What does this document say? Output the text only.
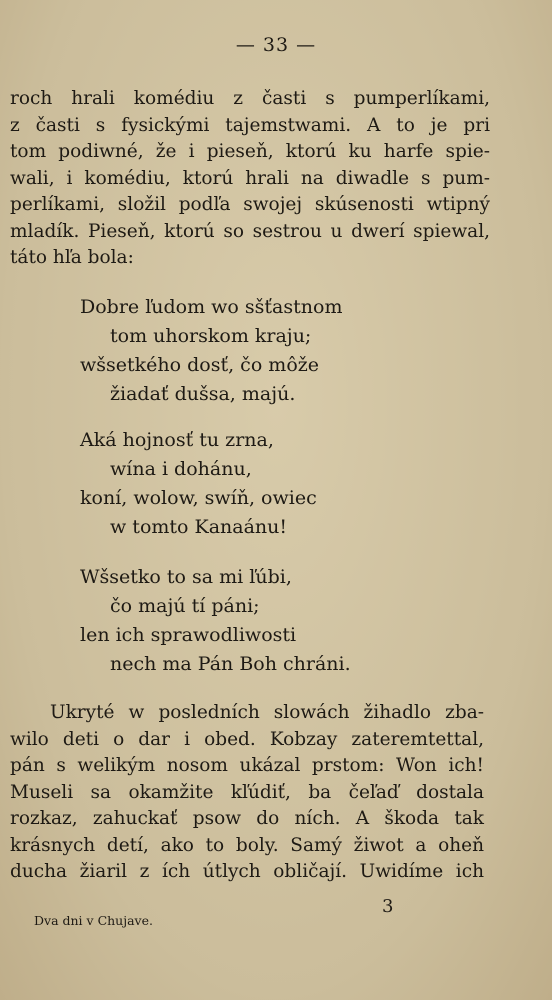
— 33 —
roch hrali komédiu z časti s pumperlíkami,
z časti s fysickými tajemstwami. A to je pri
tom podiwné, že i pieseň, ktorú ku harfe spie-
wali, i komédiu, ktorú hrali na diwadle s pum-
perlíkami, složil podľa swojej skúsenosti wtipný
mladík. Pieseň, ktorú so sestrou u dwerí spiewal,
táto hľa bola:
Dobre ľudom wo sšťastnom
tom uhorskom kraju;
wšsetkého dosť, čo môže
žiadať dušsa, majú.
Aká hojnosť tu zrna,
wína i dohánu,
koní, wolow, swíň, owiec
w tomto Kanaánu!
Wšsetko to sa mi ľúbi,
čo majú tí páni;
len ich sprawodliwosti
nech ma Pán Boh chráni.
Ukryté w posledních slowách žihadlo zba-
wilo deti o dar i obed. Kobzay zateremtettal,
pán s welikým nosom ukázal prstom: Won ich!
Museli sa okamžite kľúdiť, ba čeľaď dostala
rozkaz, zahuckať psow do ních. A škoda tak
krásnych detí, ako to boly. Samý žiwot a oheň
ducha žiaril z ích útlych obličají. Uwidíme ich
3
Dva dni v Chujave.
